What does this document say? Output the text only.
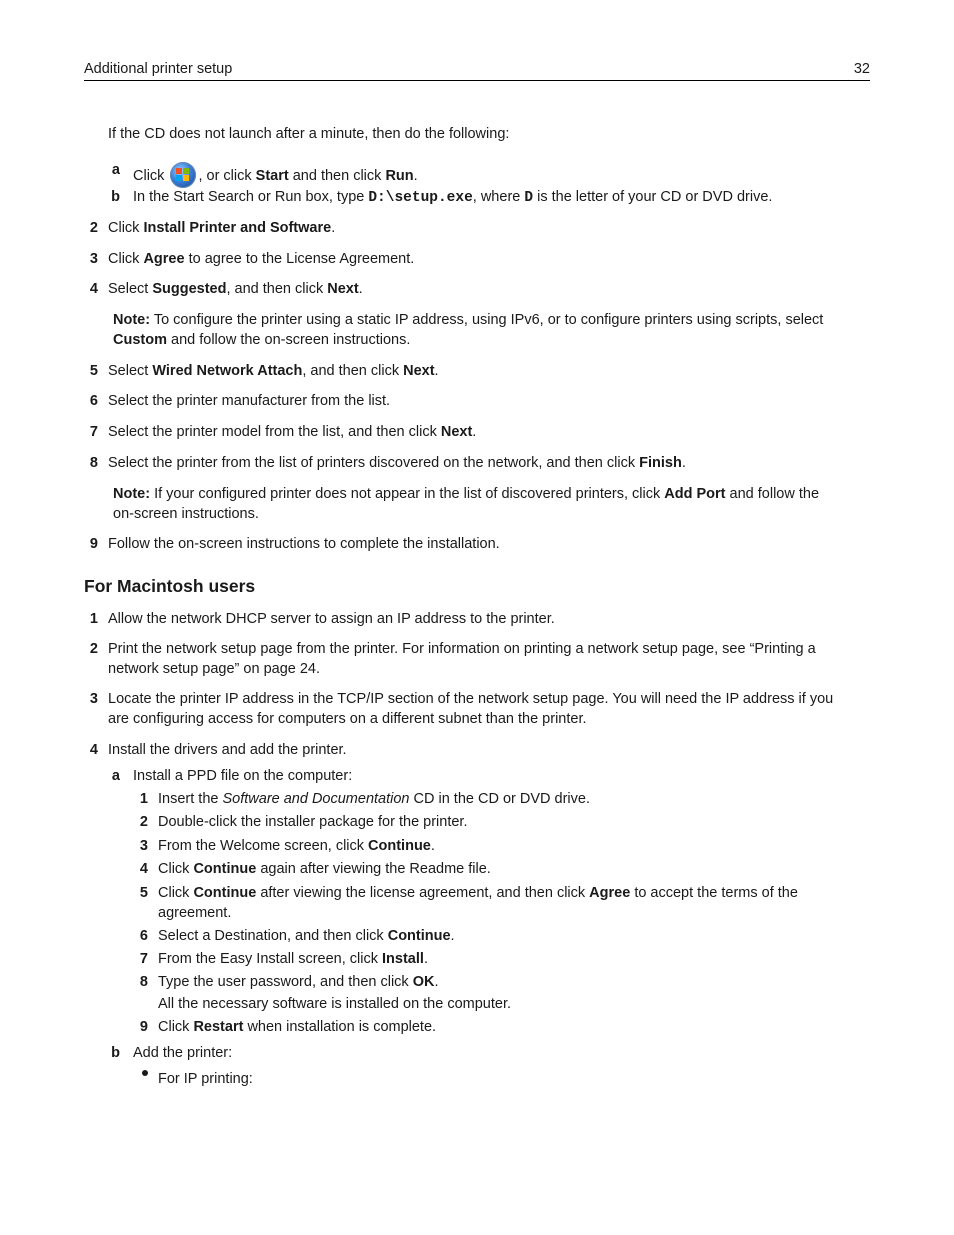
Additional printer setup	32
If the CD does not launch after a minute, then do the following:
a Click , or click Start and then click Run.
b In the Start Search or Run box, type D:\setup.exe, where D is the letter of your CD or DVD drive.
2 Click Install Printer and Software.
3 Click Agree to agree to the License Agreement.
4 Select Suggested, and then click Next.
Note: To configure the printer using a static IP address, using IPv6, or to configure printers using scripts, select
Custom and follow the on-screen instructions.
5 Select Wired Network Attach, and then click Next.
6 Select the printer manufacturer from the list.
7 Select the printer model from the list, and then click Next.
8 Select the printer from the list of printers discovered on the network, and then click Finish.
Note: If your configured printer does not appear in the list of discovered printers, click Add Port and follow the
on-screen instructions.
9 Follow the on-screen instructions to complete the installation.
For Macintosh users
1 Allow the network DHCP server to assign an IP address to the printer.
2 Print the network setup page from the printer. For information on printing a network setup page, see “Printing a
network setup page” on page 24.
3 Locate the printer IP address in the TCP/IP section of the network setup page. You will need the IP address if you
are configuring access for computers on a different subnet than the printer.
4 Install the drivers and add the printer.
a Install a PPD file on the computer:
1 Insert the Software and Documentation CD in the CD or DVD drive.
2 Double-click the installer package for the printer.
3 From the Welcome screen, click Continue.
4 Click Continue again after viewing the Readme file.
5 Click Continue after viewing the license agreement, and then click Agree to accept the terms of the
agreement.
6 Select a Destination, and then click Continue.
7 From the Easy Install screen, click Install.
8 Type the user password, and then click OK.
All the necessary software is installed on the computer.
9 Click Restart when installation is complete.
b Add the printer:
For IP printing:
